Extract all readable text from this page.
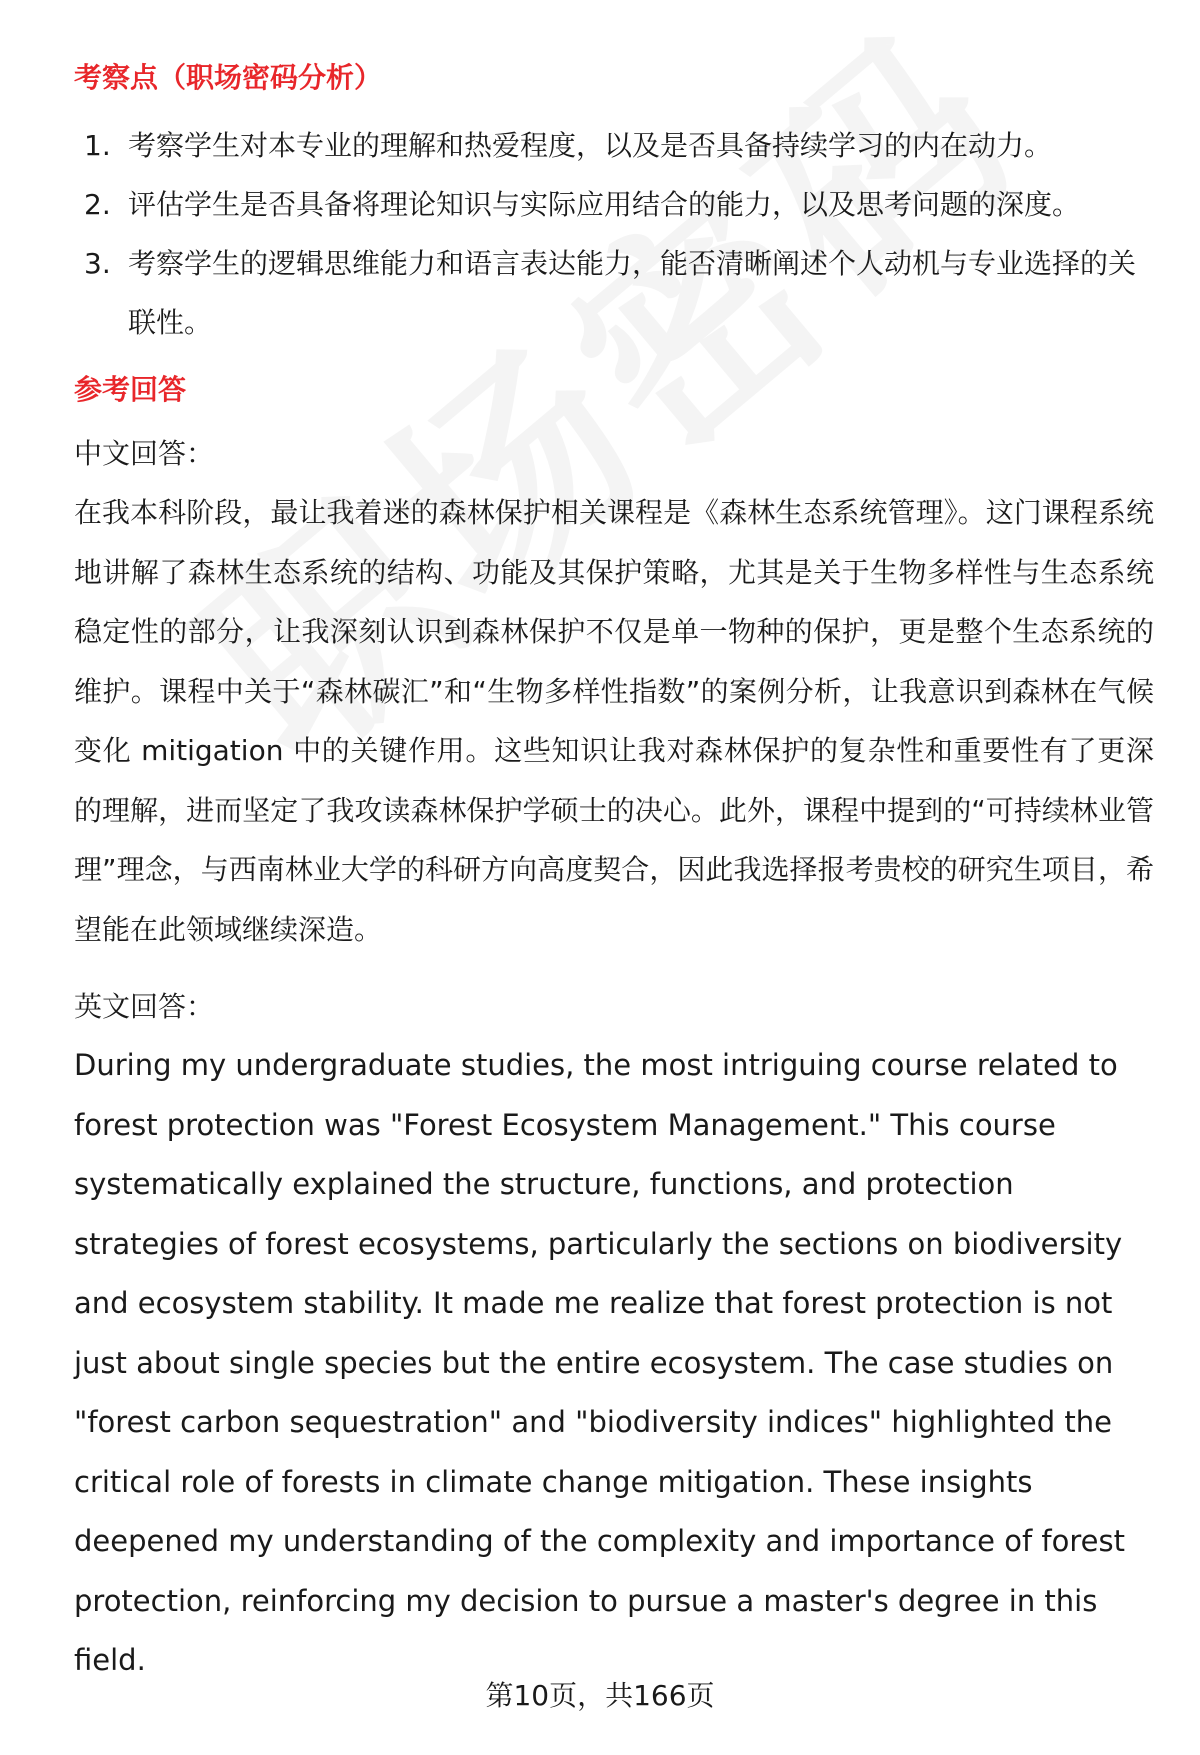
考察点（职场密码分析）
1. 考察学生对本专业的理解和热爱程度，以及是否具备持续学习的内在动力。
2. 评估学生是否具备将理论知识与实际应用结合的能力，以及思考问题的深度。
3. 考察学生的逻辑思维能力和语言表达能力，能否清晰阐述个人动机与专业选择的关联性。
参考回答

中文回答：

在我本科阶段，最让我着迷的森林保护相关课程是《森林生态系统管理》。这门课程系统地讲解了森林生态系统的结构、功能及其保护策略，尤其是关于生物多样性与生态系统稳定性的部分，让我深刻认识到森林保护不仅是单一物种的保护，更是整个生态系统的维护。课程中关于“森林碳汇”和“生物多样性指数”的案例分析，让我意识到森林在气候变化 mitigation 中的关键作用。这些知识让我对森林保护的复杂性和重要性有了更深的理解，进而坚定了我攻读森林保护学硕士的决心。此外，课程中提到的“可持续林业管理”理念，与西南林业大学的科研方向高度契合，因此我选择报考贵校的研究生项目，希望能在此领域继续深造。

英文回答：

During my undergraduate studies, the most intriguing course related to forest protection was "Forest Ecosystem Management." This course systematically explained the structure, functions, and protection strategies of forest ecosystems, particularly the sections on biodiversity and ecosystem stability. It made me realize that forest protection is not just about single species but the entire ecosystem. The case studies on "forest carbon sequestration" and "biodiversity indices" highlighted the critical role of forests in climate change mitigation. These insights deepened my understanding of the complexity and importance of forest protection, reinforcing my decision to pursue a master's degree in this field.

第10页，共166页
